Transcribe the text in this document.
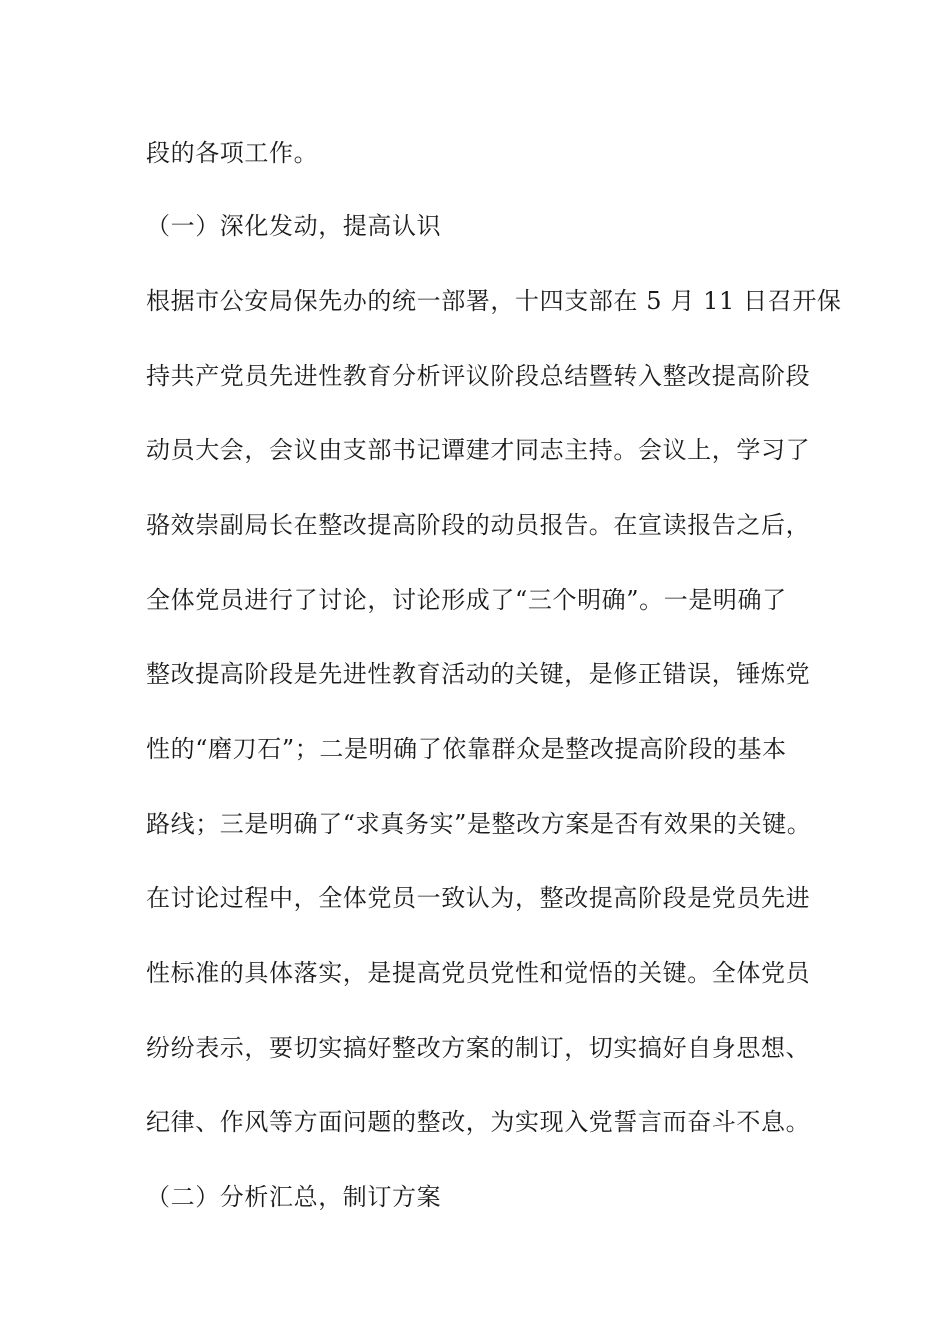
段的各项工作。
（一）深化发动，提高认识
根据市公安局保先办的统一部署，十四支部在 5 月 11 日召开保
持共产党员先进性教育分析评议阶段总结暨转入整改提高阶段
动员大会，会议由支部书记谭建才同志主持。会议上，学习了
骆效崇副局长在整改提高阶段的动员报告。在宣读报告之后，
全体党员进行了讨论，讨论形成了“三个明确”。一是明确了
整改提高阶段是先进性教育活动的关键，是修正错误，锤炼党
性的“磨刀石”；二是明确了依靠群众是整改提高阶段的基本
路线；三是明确了“求真务实”是整改方案是否有效果的关键。
在讨论过程中，全体党员一致认为，整改提高阶段是党员先进
性标准的具体落实，是提高党员党性和觉悟的关键。全体党员
纷纷表示，要切实搞好整改方案的制订，切实搞好自身思想、
纪律、作风等方面问题的整改，为实现入党誓言而奋斗不息。
（二）分析汇总，制订方案
